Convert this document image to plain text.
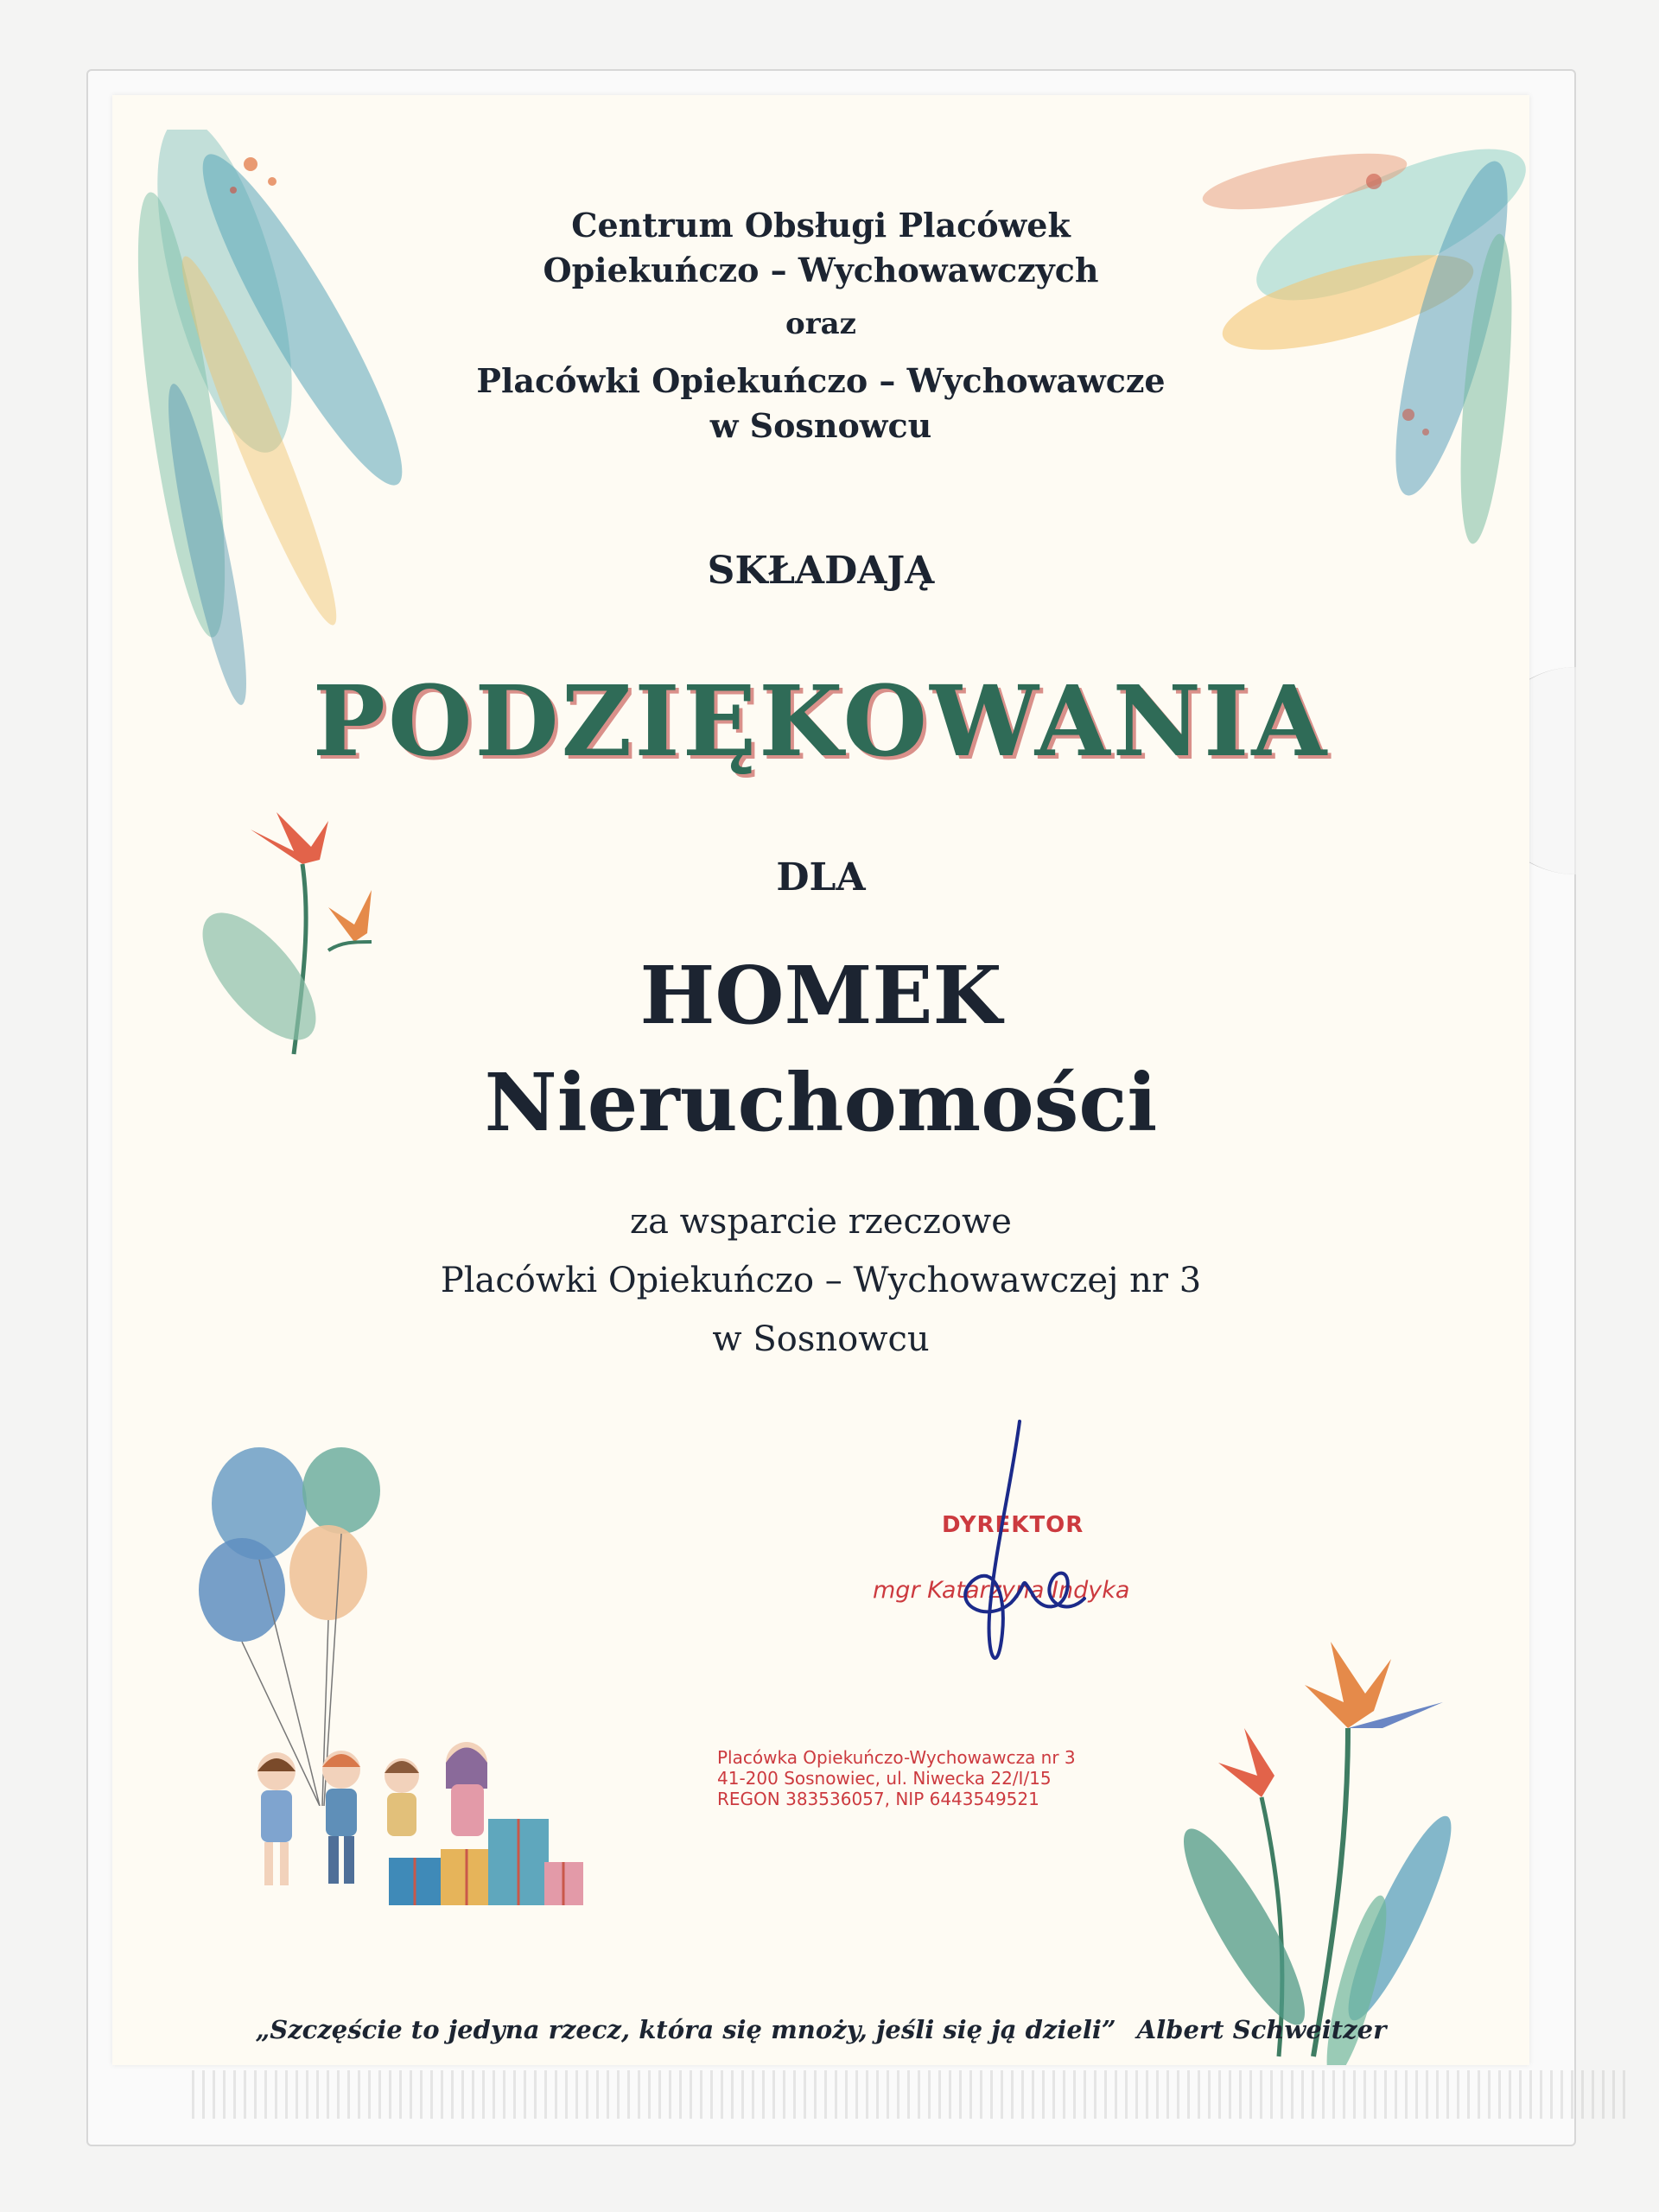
Centrum Obsługi Placówek
Opiekuńczo – Wychowawczych
oraz
Placówki Opiekuńczo – Wychowawcze
w Sosnowcu
SKŁADAJĄ
PODZIĘKOWANIA
DLA
HOMEK
Nieruchomości
za wsparcie rzeczowe
Placówki Opiekuńczo – Wychowawczej nr 3
w Sosnowcu
DYREKTOR
mgr Katarzyna Indyka
Placówka Opiekuńczo-Wychowawcza nr 3
41-200 Sosnowiec, ul. Niwecka 22/I/15
REGON 383536057, NIP 6443549521
„Szczęście to jedyna rzecz, która się mnoży, jeśli się ją dzieli” Albert Schweitzer
